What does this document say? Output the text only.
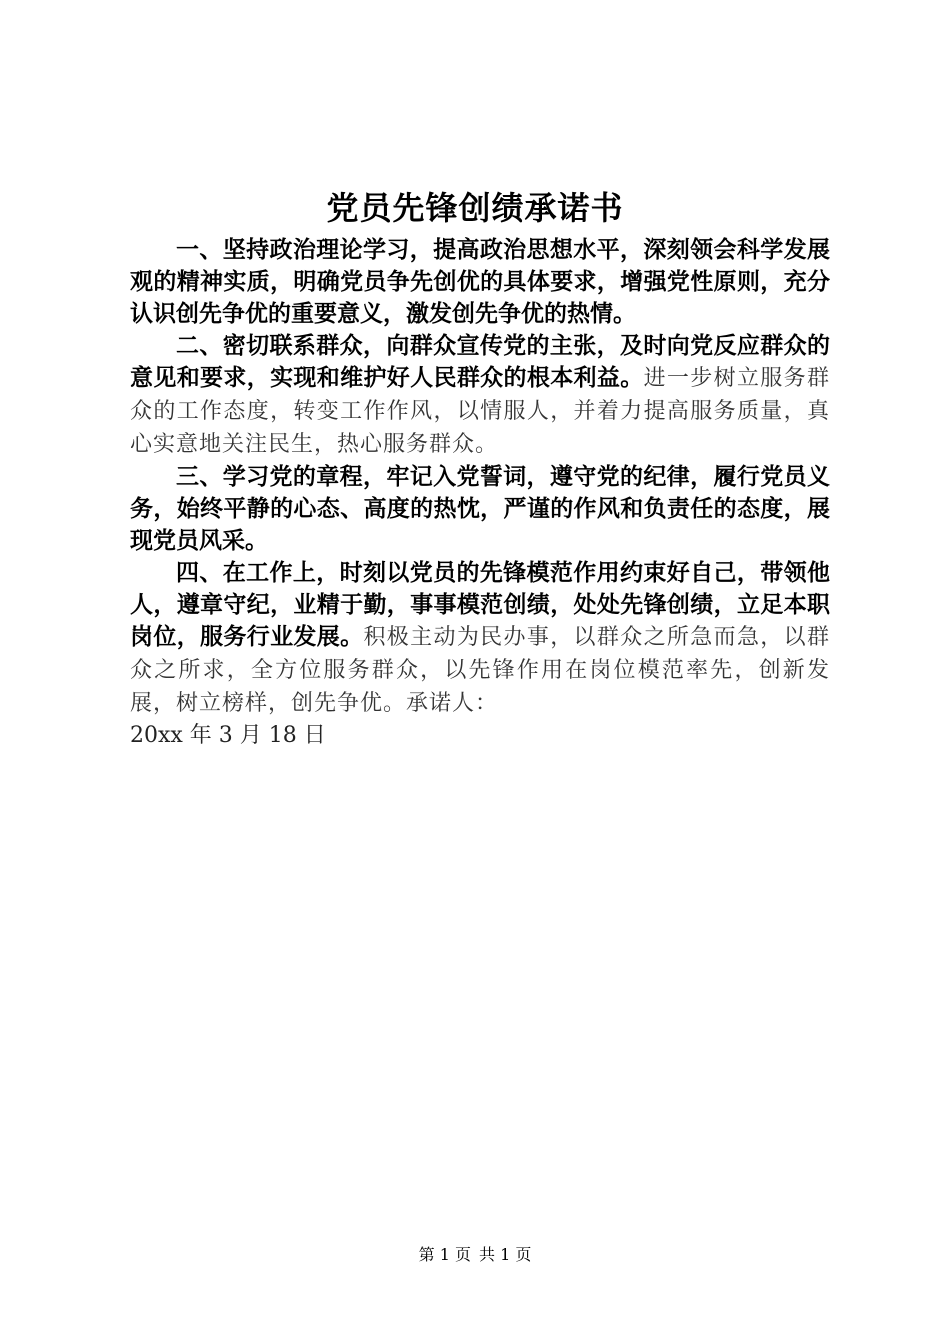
党员先锋创绩承诺书

一、坚持政治理论学习，提高政治思想水平，深刻领会科学发展观的精神实质，明确党员争先创优的具体要求，增强党性原则，充分认识创先争优的重要意义，激发创先争优的热情。

二、密切联系群众，向群众宣传党的主张，及时向党反应群众的意见和要求，实现和维护好人民群众的根本利益。进一步树立服务群众的工作态度，转变工作作风，以情服人，并着力提高服务质量，真心实意地关注民生，热心服务群众。

三、学习党的章程，牢记入党誓词，遵守党的纪律，履行党员义务，始终平静的心态、高度的热忱，严谨的作风和负责任的态度，展现党员风采。

四、在工作上，时刻以党员的先锋模范作用约束好自己，带领他人，遵章守纪，业精于勤，事事模范创绩，处处先锋创绩，立足本职岗位，服务行业发展。积极主动为民办事，以群众之所急而急，以群众之所求，全方位服务群众，以先锋作用在岗位模范率先，创新发展，树立榜样，创先争优。承诺人：
20xx 年 3 月 18 日

第 1 页 共 1 页
